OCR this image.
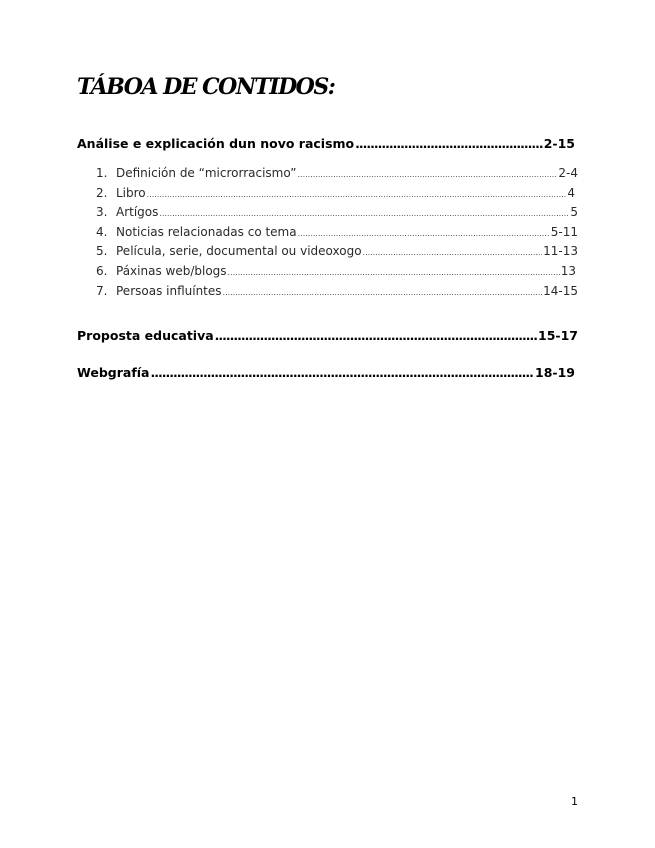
TÁBOA DE CONTIDOS:
Análise e explicación dun novo racismo .....	2-15
1. Definición de “microrracismo” .....	2-4
2. Libro .....	4
3. Artígos .....	5
4. Noticias relacionadas co tema .....	5-11
5. Película, serie, documental ou videoxogo .....	11-13
6. Páxinas web/blogs .....	13
7. Persoas influíntes .....	14-15
Proposta educativa .....	15-17
Webgrafía .....	18-19
1
